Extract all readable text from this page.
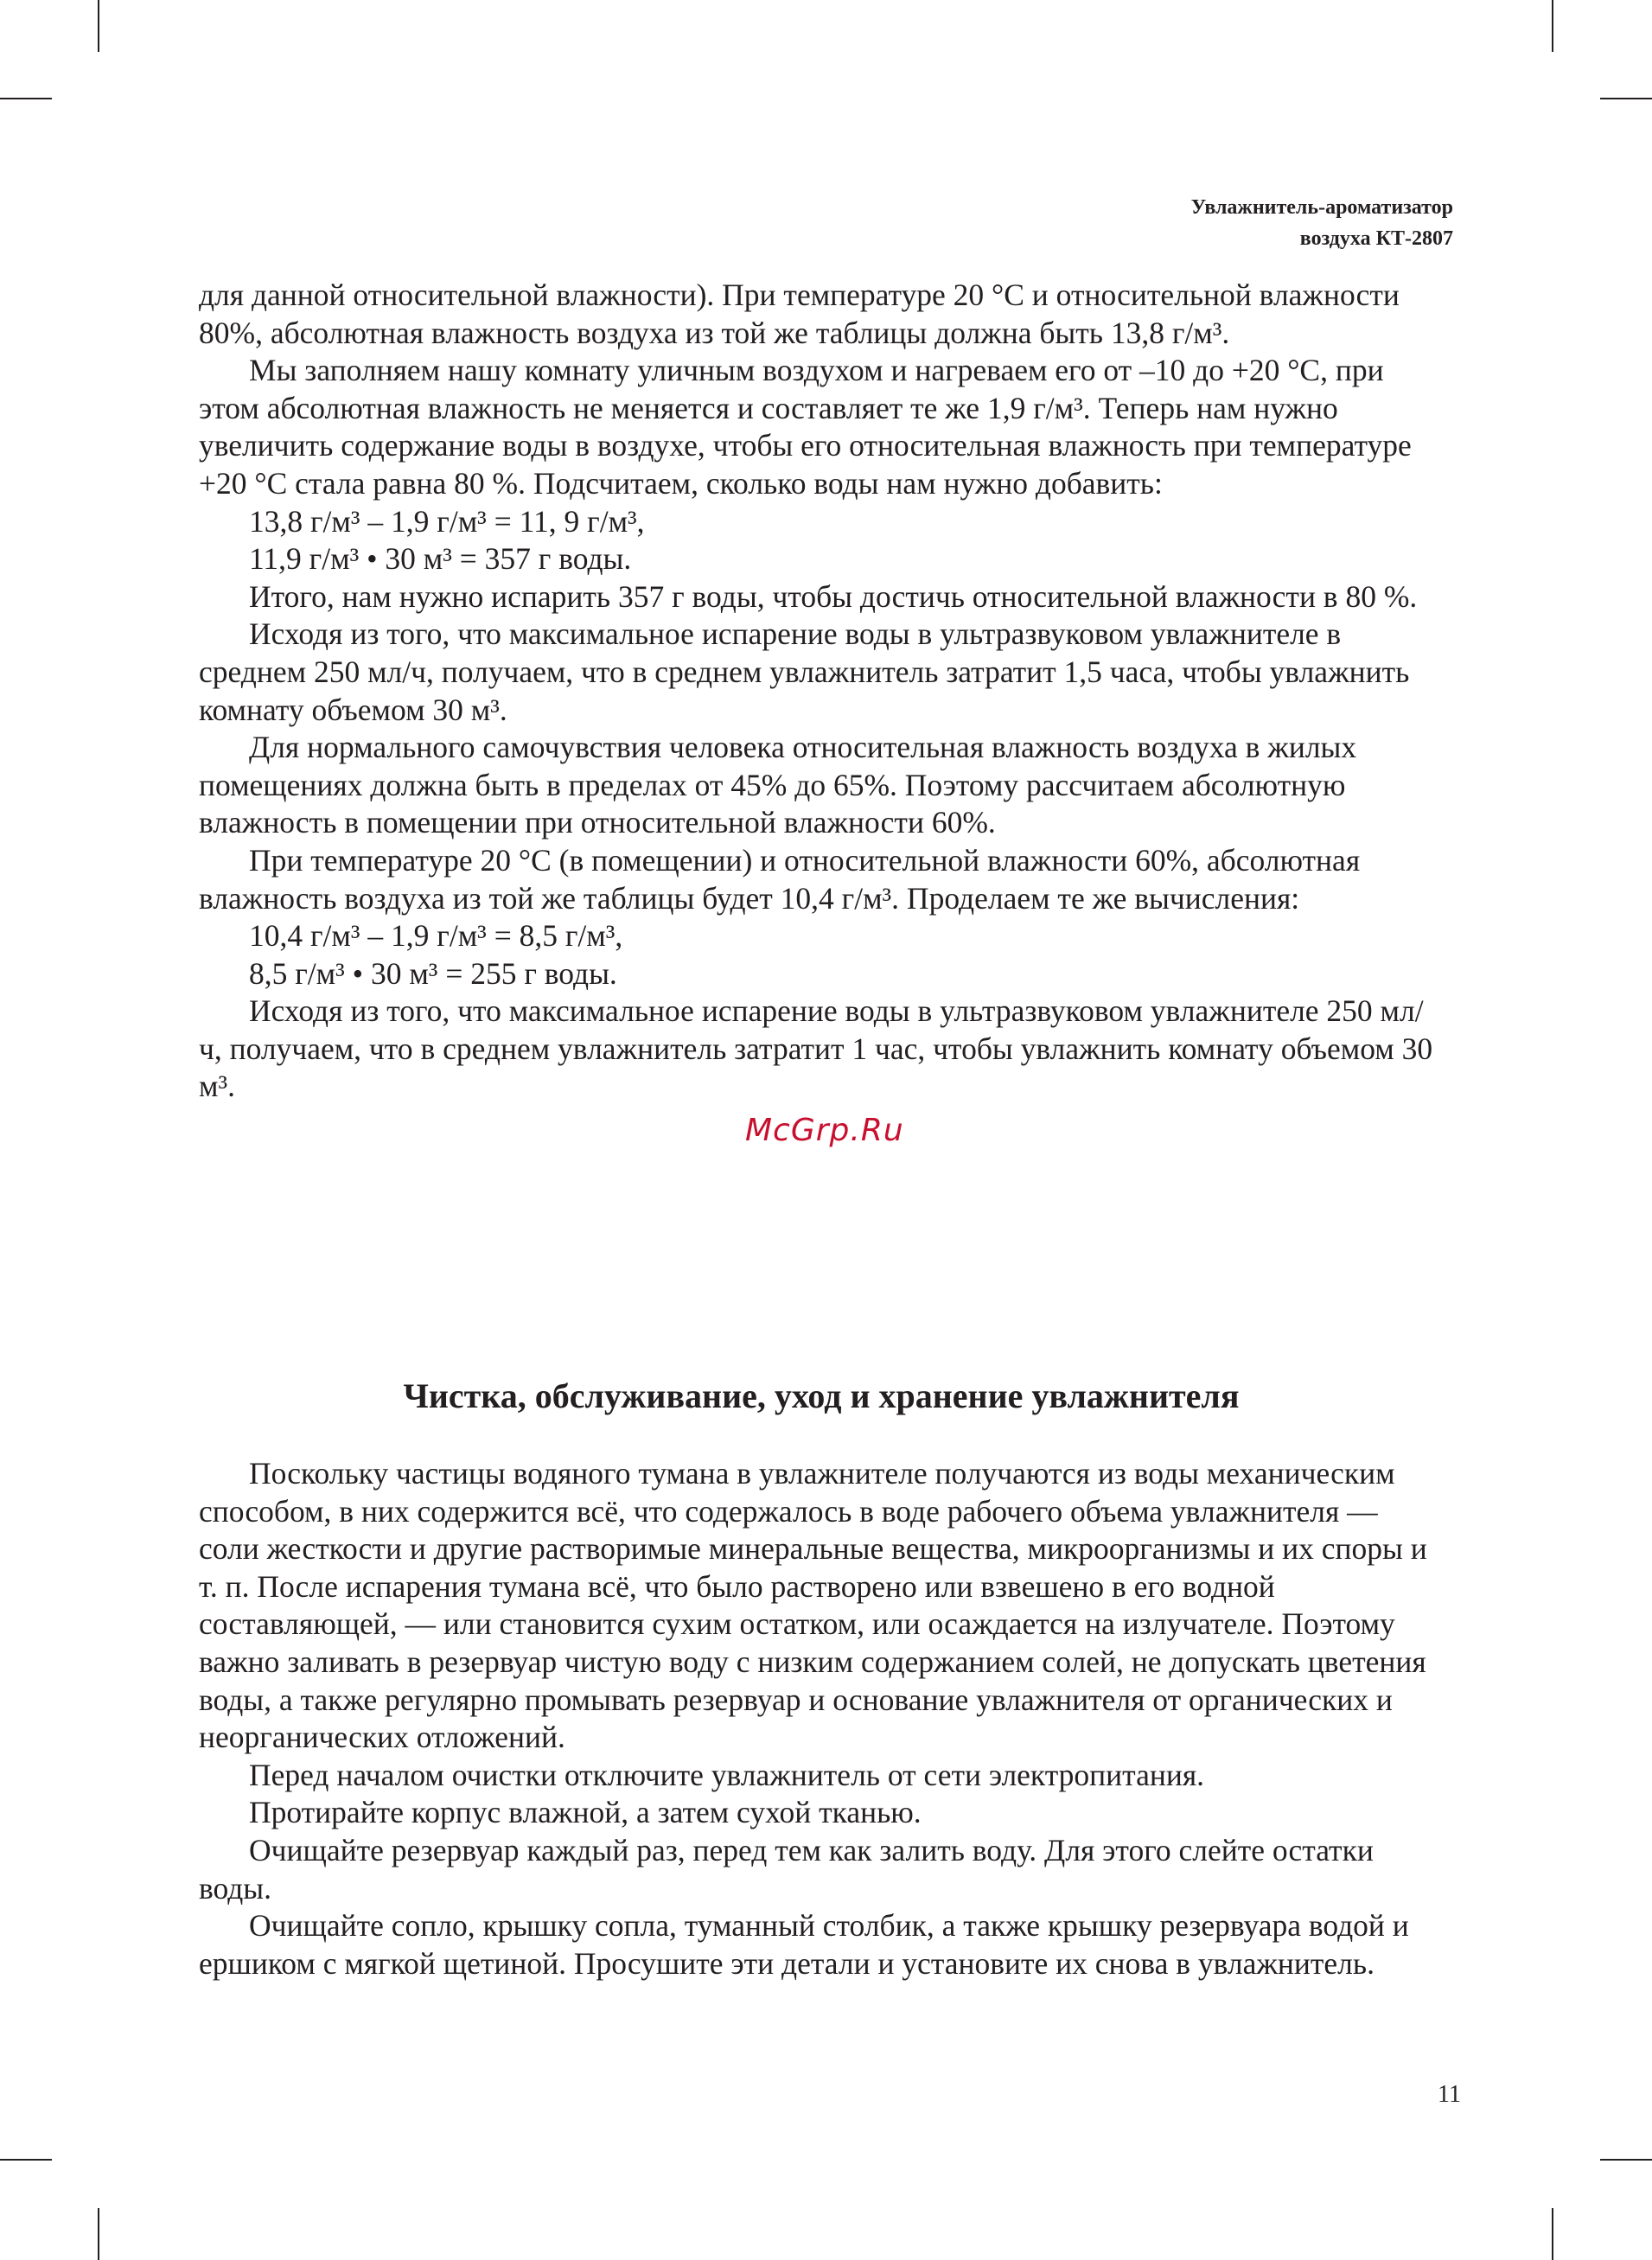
Увлажнитель-ароматизатор
воздуха КТ-2807

для данной относительной влажности). При температуре 20 °С и относительной влажности 80%, абсолютная влажность воздуха из той же таблицы должна быть 13,8 г/м³.

Мы заполняем нашу комнату уличным воздухом и нагреваем его от –10 до +20 °С, при этом абсолютная влажность не меняется и составляет те же 1,9 г/м³. Теперь нам нужно увеличить содержание воды в воздухе, чтобы его относительная влажность при температуре +20 °С стала равна 80 %. Подсчитаем, сколько воды нам нужно добавить:

13,8 г/м³ – 1,9 г/м³ = 11, 9 г/м³,

11,9 г/м³ • 30 м³ = 357 г воды.

Итого, нам нужно испарить 357 г воды, чтобы достичь относительной влажности в 80 %.

Исходя из того, что максимальное испарение воды в ультразвуковом увлажнителе в среднем 250 мл/ч, получаем, что в среднем увлажнитель затратит 1,5 часа, чтобы увлажнить комнату объемом 30 м³.

Для нормального самочувствия человека относительная влажность воздуха в жилых помещениях должна быть в пределах от 45% до 65%. Поэтому рассчитаем абсолютную влажность в помещении при относительной влажности 60%.

При температуре 20 °С (в помещении) и относительной влажности 60%, абсолютная влажность воздуха из той же таблицы будет 10,4 г/м³. Проделаем те же вычисления:

10,4 г/м³ – 1,9 г/м³ = 8,5 г/м³,

8,5 г/м³ • 30 м³ = 255 г воды.

Исходя из того, что максимальное испарение воды в ультразвуковом увлажнителе 250 мл/ч, получаем, что в среднем увлажнитель затратит 1 час, чтобы увлажнить комнату объемом 30 м³.

McGrp.Ru
Чистка, обслуживание, уход и хранение увлажнителя

Поскольку частицы водяного тумана в увлажнителе получаются из воды механическим способом, в них содержится всё, что содержалось в воде рабочего объема увлажнителя — соли жесткости и другие растворимые минеральные вещества, микроорганизмы и их споры и т. п. После испарения тумана всё, что было растворено или взвешено в его водной составляющей, — или становится сухим остатком, или осаждается на излучателе. Поэтому важно заливать в резервуар чистую воду с низким содержанием солей, не допускать цветения воды, а также регулярно промывать резервуар и основание увлажнителя от органических и неорганических отложений.

Перед началом очистки отключите увлажнитель от сети электропитания.

Протирайте корпус влажной, а затем сухой тканью.

Очищайте резервуар каждый раз, перед тем как залить воду. Для этого слейте остатки воды.

Очищайте сопло, крышку сопла, туманный столбик, а также крышку резервуара водой и ершиком с мягкой щетиной. Просушите эти детали и установите их снова в увлажнитель.

11
